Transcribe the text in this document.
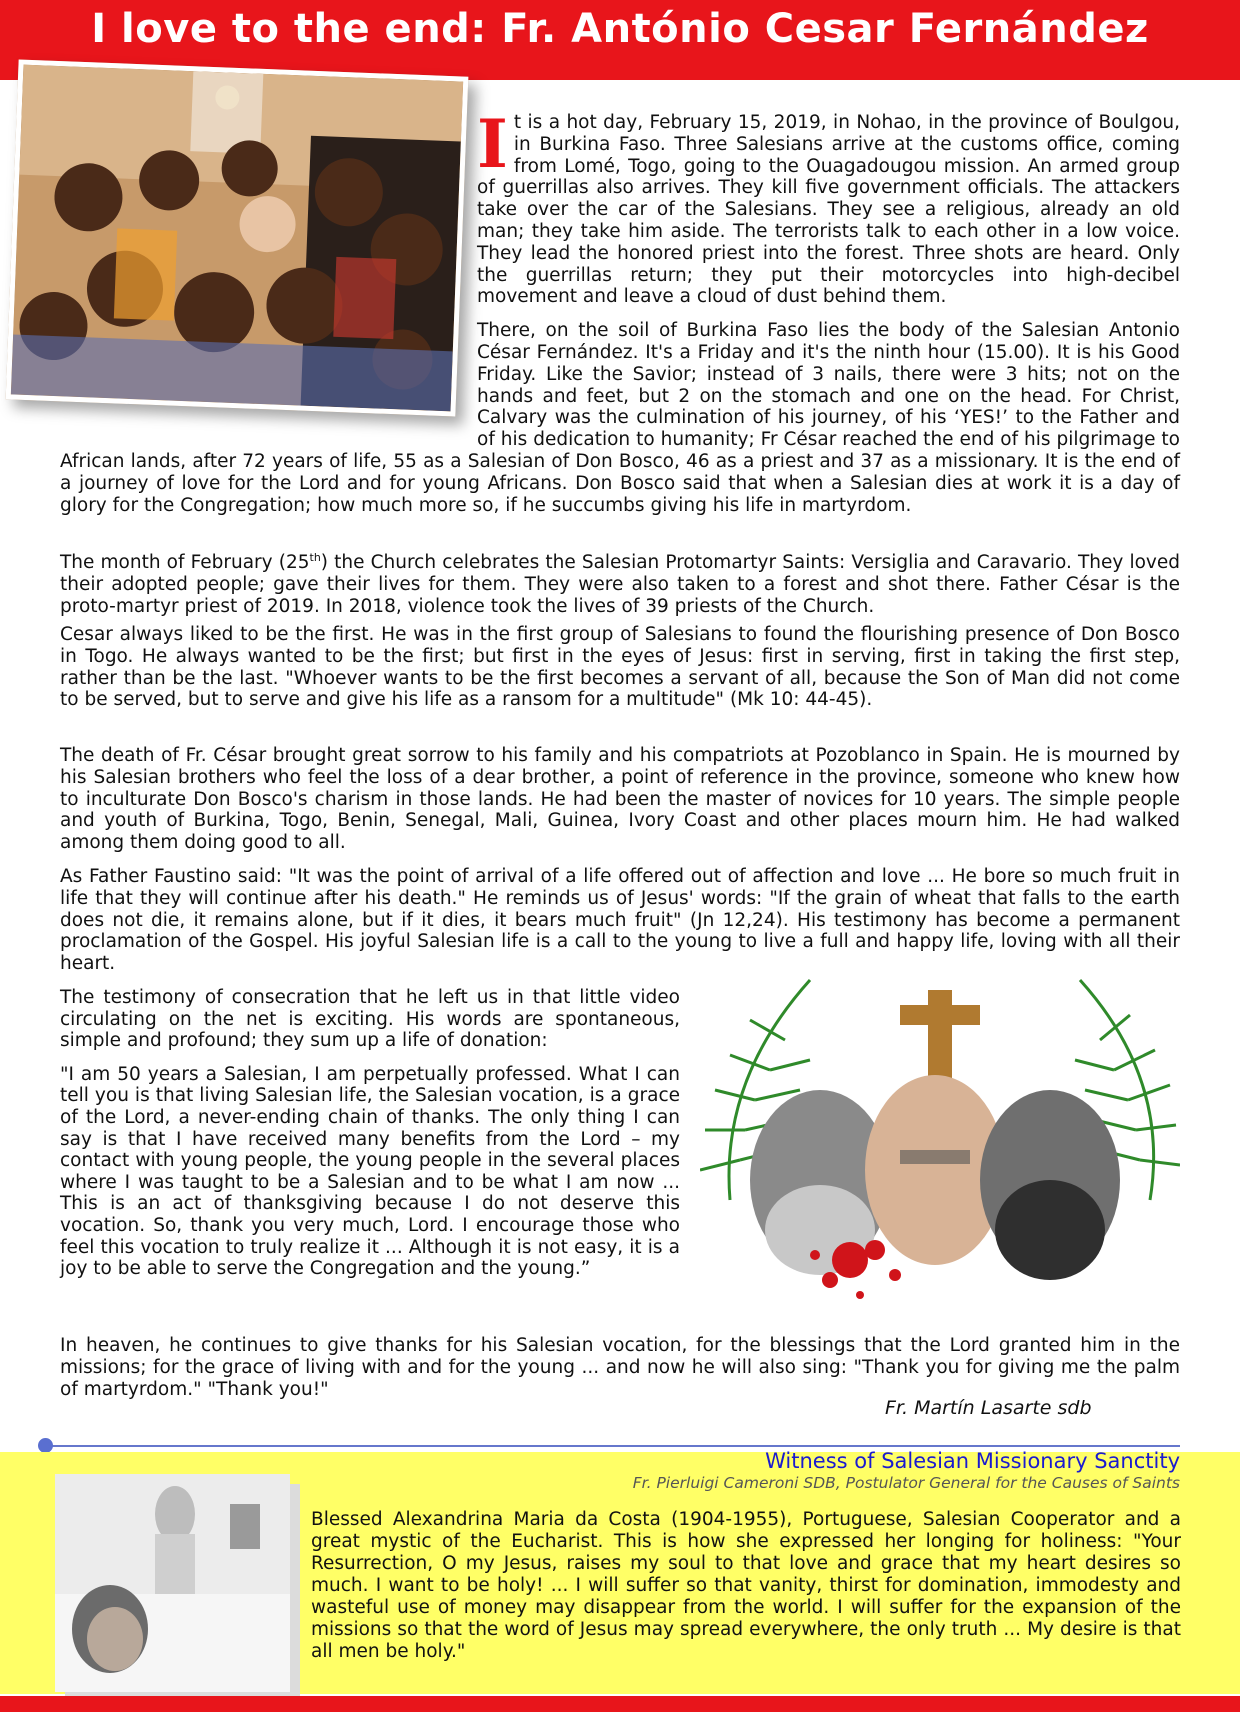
I love to the end: Fr. António Cesar Fernández

It is a hot day, February 15, 2019, in Nohao, in the province of Boulgou, in Burkina Faso. Three Salesians arrive at the customs office, coming from Lomé, Togo, going to the Ouagadougou mission. An armed group of guerrillas also arrives. They kill five government officials. The attackers take over the car of the Salesians. They see a religious, already an old man; they take him aside. The terrorists talk to each other in a low voice. They lead the honored priest into the forest. Three shots are heard. Only the guerrillas return; they put their motorcycles into high-decibel movement and leave a cloud of dust behind them.

There, on the soil of Burkina Faso lies the body of the Salesian Antonio César Fernández. It's a Friday and it's the ninth hour (15.00). It is his Good Friday. Like the Savior; instead of 3 nails, there were 3 hits; not on the hands and feet, but 2 on the stomach and one on the head. For Christ, Calvary was the culmination of his journey, of his ‘YES!’ to the Father and of his dedication to humanity; Fr César reached the end of his pilgrimage to African lands, after 72 years of life, 55 as a Salesian of Don Bosco, 46 as a priest and 37 as a missionary. It is the end of a journey of love for the Lord and for young Africans. Don Bosco said that when a Salesian dies at work it is a day of glory for the Congregation; how much more so, if he succumbs giving his life in martyrdom.

The month of February (25th) the Church celebrates the Salesian Protomartyr Saints: Versiglia and Caravario. They loved their adopted people; gave their lives for them. They were also taken to a forest and shot there. Father César is the proto-martyr priest of 2019. In 2018, violence took the lives of 39 priests of the Church.

Cesar always liked to be the first. He was in the first group of Salesians to found the flourishing presence of Don Bosco in Togo. He always wanted to be the first; but first in the eyes of Jesus: first in serving, first in taking the first step, rather than be the last. "Whoever wants to be the first becomes a servant of all, because the Son of Man did not come to be served, but to serve and give his life as a ransom for a multitude" (Mk 10: 44-45).

The death of Fr. César brought great sorrow to his family and his compatriots at Pozoblanco in Spain. He is mourned by his Salesian brothers who feel the loss of a dear brother, a point of reference in the province, someone who knew how to inculturate Don Bosco's charism in those lands. He had been the master of novices for 10 years. The simple people and youth of Burkina, Togo, Benin, Senegal, Mali, Guinea, Ivory Coast and other places mourn him. He had walked among them doing good to all.

As Father Faustino said: "It was the point of arrival of a life offered out of affection and love ... He bore so much fruit in life that they will continue after his death." He reminds us of Jesus' words: "If the grain of wheat that falls to the earth does not die, it remains alone, but if it dies, it bears much fruit" (Jn 12,24). His testimony has become a permanent proclamation of the Gospel. His joyful Salesian life is a call to the young to live a full and happy life, loving with all their heart.

The testimony of consecration that he left us in that little video circulating on the net is exciting. His words are spontaneous, simple and profound; they sum up a life of donation:

"I am 50 years a Salesian, I am perpetually professed. What I can tell you is that living Salesian life, the Salesian vocation, is a grace of the Lord, a never-ending chain of thanks. The only thing I can say is that I have received many benefits from the Lord – my contact with young people, the young people in the several places where I was taught to be a Salesian and to be what I am now ... This is an act of thanksgiving because I do not deserve this vocation. So, thank you very much, Lord. I encourage those who feel this vocation to truly realize it ... Although it is not easy, it is a joy to be able to serve the Congregation and the young.”

In heaven, he continues to give thanks for his Salesian vocation, for the blessings that the Lord granted him in the missions; for the grace of living with and for the young ... and now he will also sing: "Thank you for giving me the palm of martyrdom." "Thank you!"

Fr. Martín Lasarte sdb
Witness of Salesian Missionary Sanctity
Fr. Pierluigi Cameroni SDB, Postulator General for the Causes of Saints
Blessed Alexandrina Maria da Costa (1904-1955), Portuguese, Salesian Cooperator and a great mystic of the Eucharist. This is how she expressed her longing for holiness: "Your Resurrection, O my Jesus, raises my soul to that love and grace that my heart desires so much. I want to be holy! ... I will suffer so that vanity, thirst for domination, immodesty and wasteful use of money may disappear from the world. I will suffer for the expansion of the missions so that the word of Jesus may spread everywhere, the only truth ... My desire is that all men be holy."
